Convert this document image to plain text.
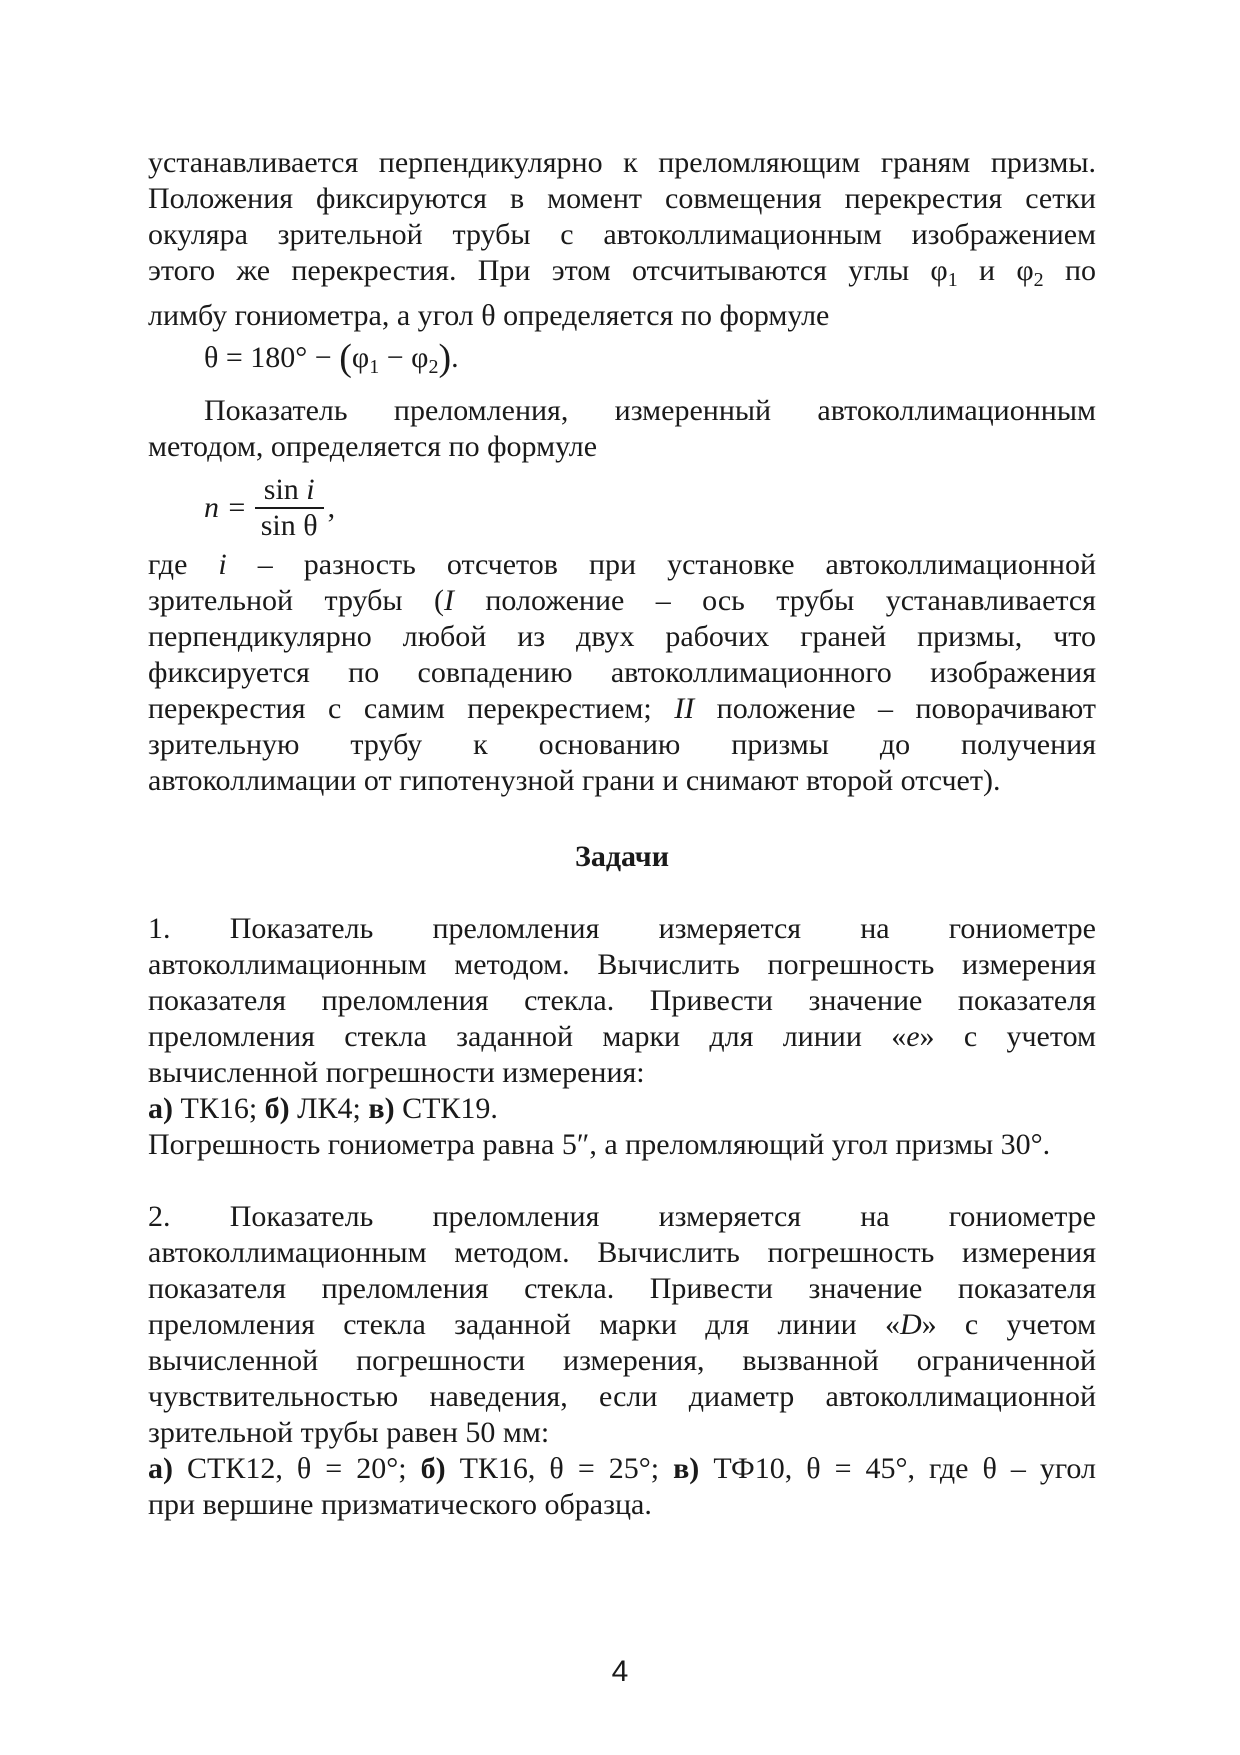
устанавливается перпендикулярно к преломляющим граням призмы.

Положения фиксируются в момент совмещения перекрестия сетки

окуляра зрительной трубы с автоколлимационным изображением

этого же перекрестия. При этом отсчитываются углы $\varphi_1$ и $\varphi_2$ по

лимбу гониометра, а угол θ определяется по формуле

$\theta = 180^\circ - (\varphi_1 - \varphi_2)$.

Показатель преломления, измеренный автоколлимационным

методом, определяется по формуле

$n = \frac{\text{sin i}}{\text{sin θ}}$ ,

где i – разность отсчетов при установке автоколлимационной

зрительной трубы (I положение – ось трубы устанавливается

перпендикулярно любой из двух рабочих граней призмы, что

фиксируется по совпадению автоколлимационного изображения

перекрестия с самим перекрестием; II положение – поворачивают

зрительную трубу к основанию призмы до получения

автоколлимации от гипотенузной грани и снимают второй отсчет).

Задачи

1. Показатель преломления измеряется на гониометре

автоколлимационным методом. Вычислить погрешность измерения

показателя преломления стекла. Привести значение показателя

преломления стекла заданной марки для линии «e» с учетом

вычисленной погрешности измерения:

а) ТК16; б) ЛК4; в) СТК19.

Погрешность гониометра равна 5″, а преломляющий угол призмы 30°.

2. Показатель преломления измеряется на гониометре

автоколлимационным методом. Вычислить погрешность измерения

показателя преломления стекла. Привести значение показателя

преломления стекла заданной марки для линии «D» с учетом

вычисленной погрешности измерения, вызванной ограниченной

чувствительностью наведения, если диаметр автоколлимационной

зрительной трубы равен 50 мм:

а) СТК12, θ = 20°; б) ТК16, θ = 25°; в) ТФ10, θ = 45°, где θ – угол

при вершине призматического образца.

4
